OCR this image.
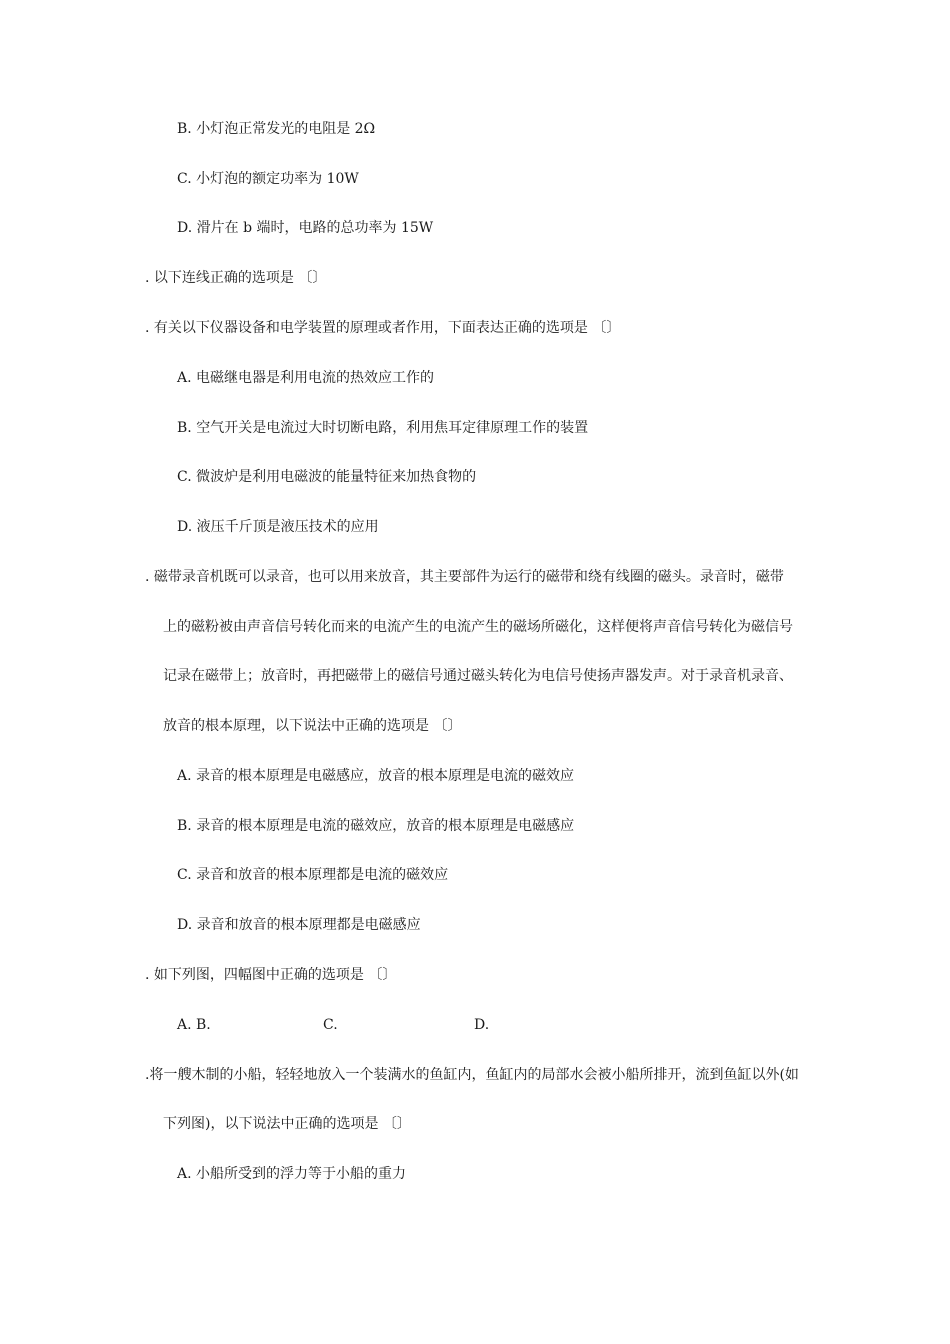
B. 小灯泡正常发光的电阻是 2Ω
C. 小灯泡的额定功率为 10W
D. 滑片在 b 端时，电路的总功率为 15W
. 以下连线正确的选项是 〔〕
. 有关以下仪器设备和电学装置的原理或者作用，下面表达正确的选项是 〔〕
A. 电磁继电器是利用电流的热效应工作的
B. 空气开关是电流过大时切断电路，利用焦耳定律原理工作的装置
C. 微波炉是利用电磁波的能量特征来加热食物的
D. 液压千斤顶是液压技术的应用
. 磁带录音机既可以录音，也可以用来放音，其主要部件为运行的磁带和绕有线圈的磁头。录音时，磁带
上的磁粉被由声音信号转化而来的电流产生的电流产生的磁场所磁化，这样便将声音信号转化为磁信号
记录在磁带上；放音时，再把磁带上的磁信号通过磁头转化为电信号使扬声器发声。对于录音机录音、
放音的根本原理，以下说法中正确的选项是 〔〕
A. 录音的根本原理是电磁感应，放音的根本原理是电流的磁效应
B. 录音的根本原理是电流的磁效应，放音的根本原理是电磁感应
C. 录音和放音的根本原理都是电流的磁效应
D. 录音和放音的根本原理都是电磁感应
. 如下列图，四幅图中正确的选项是 〔〕
A. B.	C.	D.
.将一艘木制的小船，轻轻地放入一个装满水的鱼缸内，鱼缸内的局部水会被小船所排开，流到鱼缸以外(如
下列图)，以下说法中正确的选项是 〔〕
A. 小船所受到的浮力等于小船的重力
